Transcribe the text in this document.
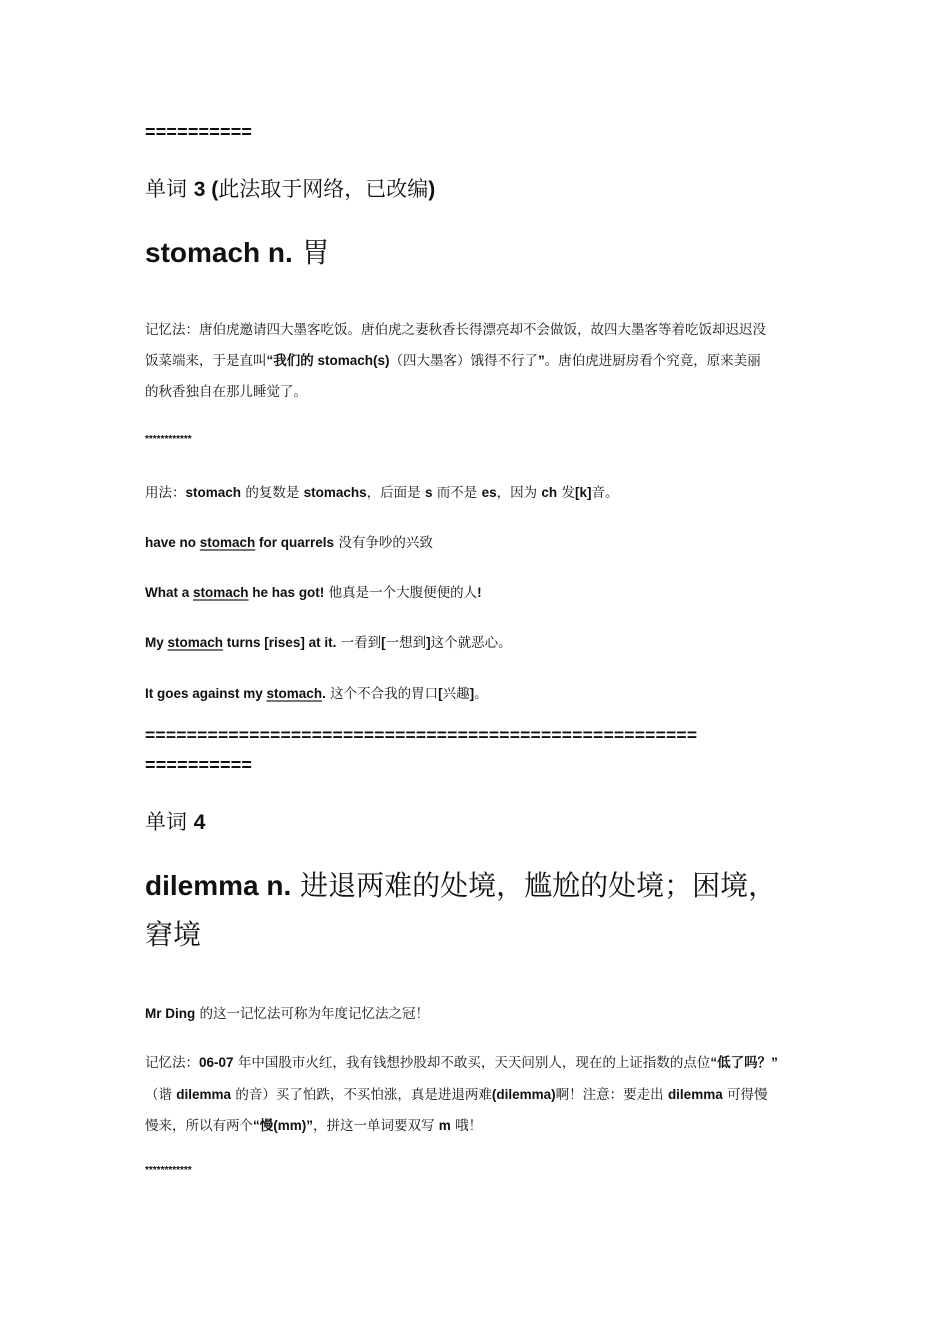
==========
单词 3 (此法取于网络，已改编)
stomach n. 胃
记忆法：唐伯虎邀请四大墨客吃饭。唐伯虎之妻秋香长得漂亮却不会做饭，故四大墨客等着吃饭却迟迟没
饭菜端来，于是直叫“我们的 stomach(s)（四大墨客）饿得不行了”。唐伯虎进厨房看个究竟，原来美丽
的秋香独自在那儿睡觉了。
************
用法：stomach 的复数是 stomachs，后面是 s 而不是 es，因为 ch 发[k]音。
have no stomach for quarrels 没有争吵的兴致
What a stomach he has got! 他真是一个大腹便便的人!
My stomach turns [rises] at it. 一看到[一想到]这个就恶心。
It goes against my stomach. 这个不合我的胃口[兴趣]。
=====================================================
==========
单词 4
dilemma n. 进退两难的处境，尴尬的处境；困境，
窘境
Mr Ding 的这一记忆法可称为年度记忆法之冠！
记忆法：06-07 年中国股市火红，我有钱想抄股却不敢买，天天问别人，现在的上证指数的点位“低了吗？”
（谐 dilemma 的音）买了怕跌，不买怕涨，真是进退两难(dilemma)啊！注意：要走出 dilemma 可得慢
慢来，所以有两个“慢(mm)”，拼这一单词要双写 m 哦！
************
